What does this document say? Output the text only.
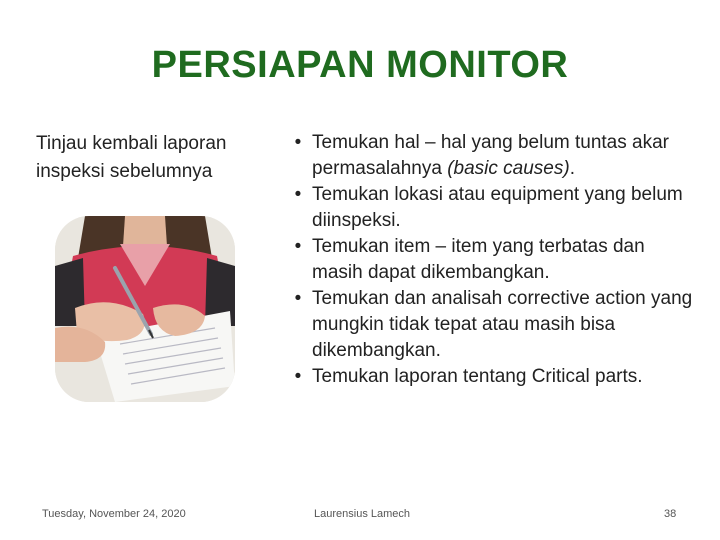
PERSIAPAN MONITOR
Tinjau kembali laporan inspeksi sebelumnya
• Temukan hal – hal yang belum tuntas akar permasalahnya (basic causes).
• Temukan lokasi atau equipment yang belum diinspeksi.
• Temukan item – item yang terbatas dan masih dapat dikembangkan.
• Temukan dan analisah corrective action yang mungkin tidak tepat atau masih bisa dikembangkan.
• Temukan laporan tentang Critical parts.
Tuesday, November 24, 2020	Laurensius Lamech	38
